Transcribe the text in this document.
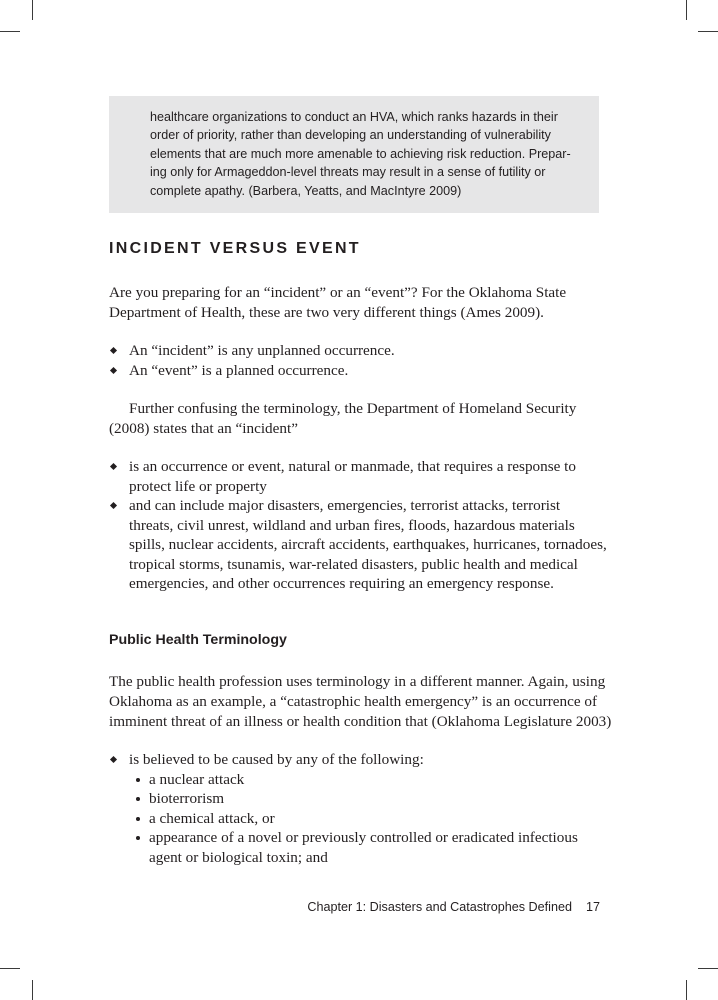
healthcare organizations to conduct an HVA, which ranks hazards in their
order of priority, rather than developing an understanding of vulnerability
elements that are much more amenable to achieving risk reduction. Prepar-
ing only for Armageddon-level threats may result in a sense of futility or
complete apathy. (Barbera, Yeatts, and MacIntyre 2009)
INCIDENT VERSUS EVENT
Are you preparing for an “incident” or an “event”? For the Oklahoma State
Department of Health, these are two very different things (Ames 2009).
An “incident” is any unplanned occurrence.
An “event” is a planned occurrence.
Further confusing the terminology, the Department of Homeland Security
(2008) states that an “incident”
is an occurrence or event, natural or manmade, that requires a response to
protect life or property
and can include major disasters, emergencies, terrorist attacks, terrorist
threats, civil unrest, wildland and urban fires, floods, hazardous materials
spills, nuclear accidents, aircraft accidents, earthquakes, hurricanes, tornadoes,
tropical storms, tsunamis, war-related disasters, public health and medical
emergencies, and other occurrences requiring an emergency response.
Public Health Terminology
The public health profession uses terminology in a different manner. Again, using
Oklahoma as an example, a “catastrophic health emergency” is an occurrence of
imminent threat of an illness or health condition that (Oklahoma Legislature 2003)
is believed to be caused by any of the following:
a nuclear attack
bioterrorism
a chemical attack, or
appearance of a novel or previously controlled or eradicated infectious
agent or biological toxin; and
Chapter 1: Disasters and Catastrophes Defined 17
